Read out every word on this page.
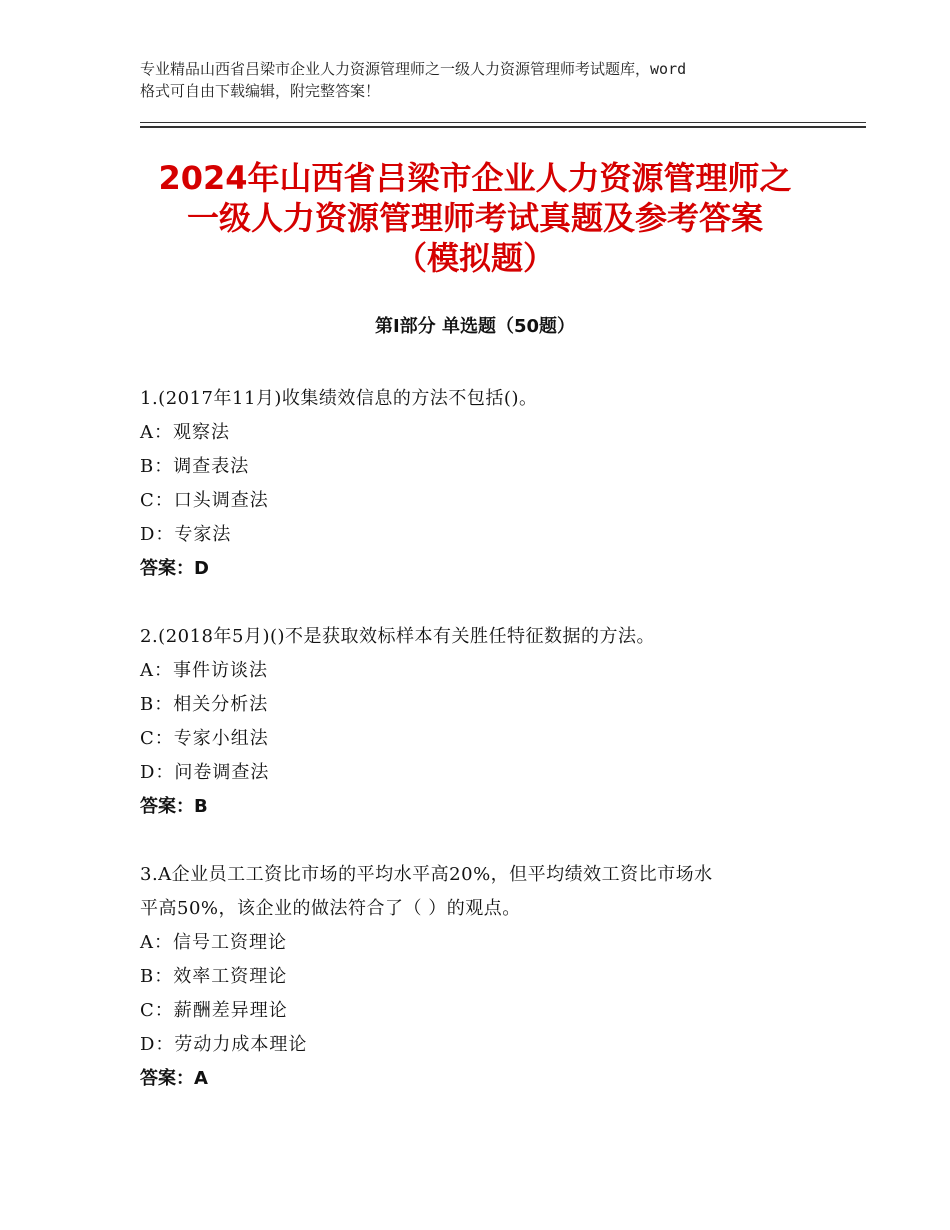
专业精品山西省吕梁市企业人力资源管理师之一级人力资源管理师考试题库，word
格式可自由下载编辑，附完整答案！
2024年山西省吕梁市企业人力资源管理师之
一级人力资源管理师考试真题及参考答案
（模拟题）
第Ⅰ部分 单选题（50题）
1.(2017年11月)收集绩效信息的方法不包括()。
A：观察法
B：调查表法
C：口头调查法
D：专家法
答案：D
2.(2018年5月)()不是获取效标样本有关胜任特征数据的方法。
A：事件访谈法
B：相关分析法
C：专家小组法
D：问卷调查法
答案：B
3.A企业员工工资比市场的平均水平高20%，但平均绩效工资比市场水
平高50%，该企业的做法符合了（ ）的观点。
A：信号工资理论
B：效率工资理论
C：薪酬差异理论
D：劳动力成本理论
答案：A
